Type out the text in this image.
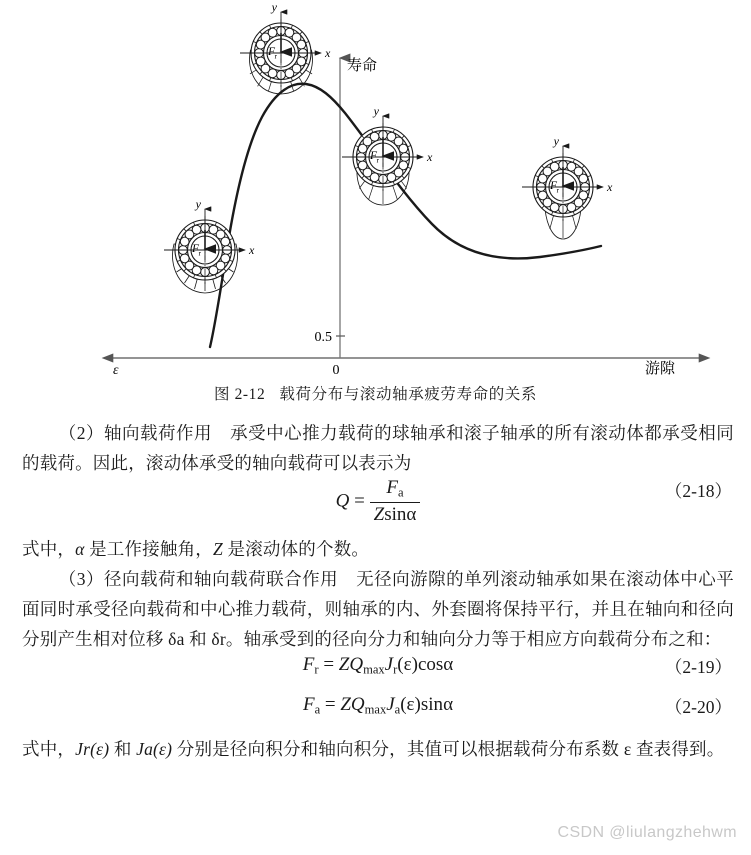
x
y
F r
x
y
F r
x
y
F r
x
y
F r
寿命
游隙
ε	0
0.5
图 2-12 载荷分布与滚动轴承疲劳寿命的关系

（2）轴向载荷作用　承受中心推力载荷的球轴承和滚子轴承的所有滚动体都承受相同的载荷。因此，滚动体承受的轴向载荷可以表示为

$Q = \frac{F_a}{Zsin\alpha}$	（2-18）

式中，α 是工作接触角，Z 是滚动体的个数。

（3）径向载荷和轴向载荷联合作用　无径向游隙的单列滚动轴承如果在滚动体中心平面同时承受径向载荷和中心推力载荷，则轴承的内、外套圈将保持平行，并且在轴向和径向分别产生相对位移 δa 和 δr。轴承受到的径向分力和轴向分力等于相应方向载荷分布之和：

$F_r = ZQ_{max}J_r(\varepsilon)\cos\alpha$	（2-19）
$F_a = ZQ_{max}J_a(\varepsilon)\sin\alpha$	（2-20）

式中，Jr(ε) 和 Ja(ε) 分别是径向积分和轴向积分，其值可以根据载荷分布系数 ε 查表得到。

CSDN @liulangzhehwm
